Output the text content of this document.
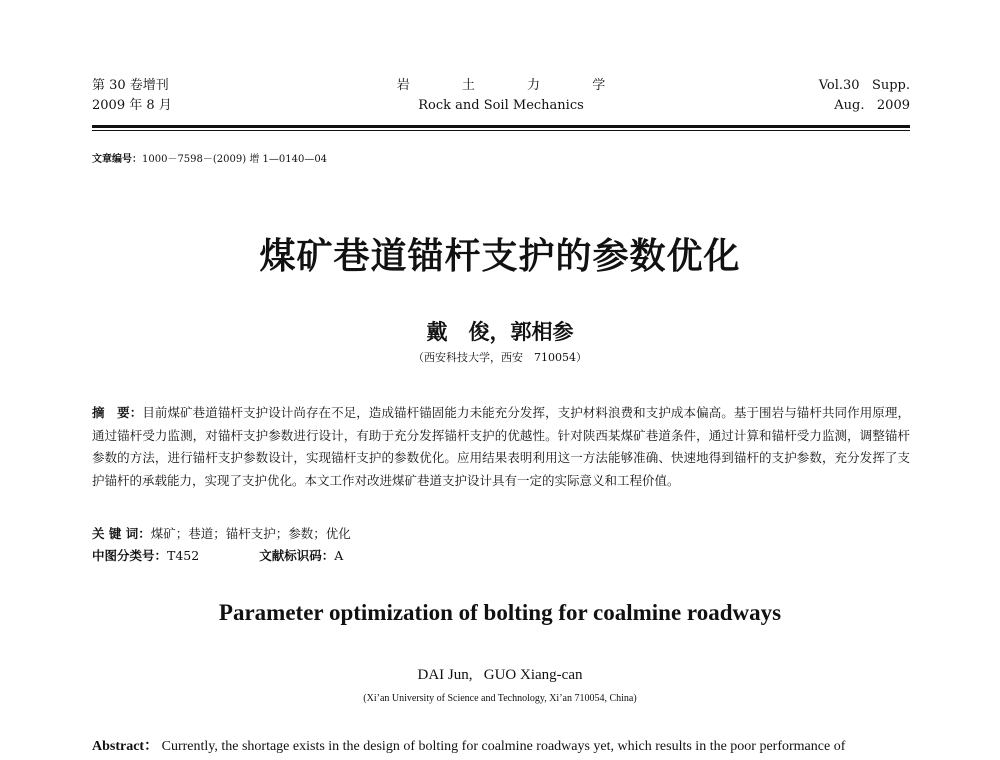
第 30 卷增刊
2009 年 8 月
岩 土 力 学
Rock and Soil Mechanics
Vol.30   Supp.
Aug.   2009
文章编号：1000－7598－(2009) 增 1—0140—04
煤矿巷道锚杆支护的参数优化
戴　俊，郭相参
（西安科技大学，西安　710054）
摘　要：目前煤矿巷道锚杆支护设计尚存在不足，造成锚杆锚固能力未能充分发挥，支护材料浪费和支护成本偏高。基于围岩与锚杆共同作用原理，通过锚杆受力监测，对锚杆支护参数进行设计，有助于充分发挥锚杆支护的优越性。针对陕西某煤矿巷道条件，通过计算和锚杆受力监测，调整锚杆参数的方法，进行锚杆支护参数设计，实现锚杆支护的参数优化。应用结果表明利用这一方法能够准确、快速地得到锚杆的支护参数，充分发挥了支护锚杆的承载能力，实现了支护优化。本文工作对改进煤矿巷道支护设计具有一定的实际意义和工程价值。
关 键 词：煤矿；巷道；锚杆支护；参数；优化
中图分类号：T452	文献标识码：A
Parameter optimization of bolting for coalmine roadways
DAI Jun,   GUO Xiang-can
(Xi’an University of Science and Technology, Xi’an 710054, China)
Abstract： Currently, the shortage exists in the design of bolting for coalmine roadways yet, which results in the poor performance of
